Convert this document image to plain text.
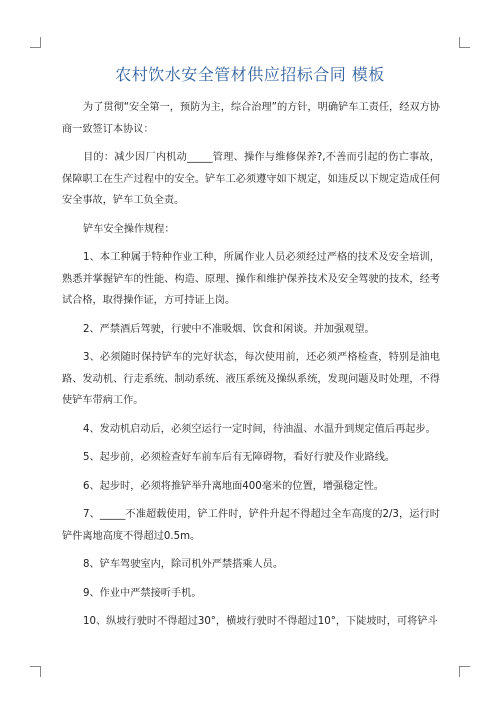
农村饮水安全管材供应招标合同 模板

为了贯彻“安全第一，预防为主，综合治理”的方针，明确铲车工责任，经双方协商一致签订本协议：

目的：减少因厂内机动_____管理、操作与维修保养?,不善而引起的伤亡事故，保障职工在生产过程中的安全。铲车工必须遵守如下规定，如违反以下规定造成任何安全事故，铲车工负全责。

铲车安全操作规程：

1、本工种属于特种作业工种，所属作业人员必须经过严格的技术及安全培训，熟悉并掌握铲车的性能、构造、原理、操作和维护保养技术及安全驾驶的技术，经考试合格，取得操作证，方可持证上岗。

2、严禁酒后驾驶，行驶中不准吸烟、饮食和闲谈。并加强观望。

3、必须随时保持铲车的完好状态，每次使用前，还必须严格检查，特别是油电路、发动机、行走系统、制动系统、液压系统及操纵系统，发现问题及时处理，不得使铲车带病工作。

4、发动机启动后，必须空运行一定时间，待油温、水温升到规定值后再起步。

5、起步前，必须检查好车前车后有无障碍物，看好行驶及作业路线。

6、起步时，必须将推铲举升离地面400毫米的位置，增强稳定性。

7、_____不准超载使用，铲工件时，铲件升起不得超过全车高度的2/3，运行时铲件离地高度不得超过0.5m。

8、铲车驾驶室内，除司机外严禁搭乘人员。

9、作业中严禁接听手机。

10、纵坡行驶时不得超过30°，横坡行驶时不得超过10°，下陡坡时，可将铲斗
